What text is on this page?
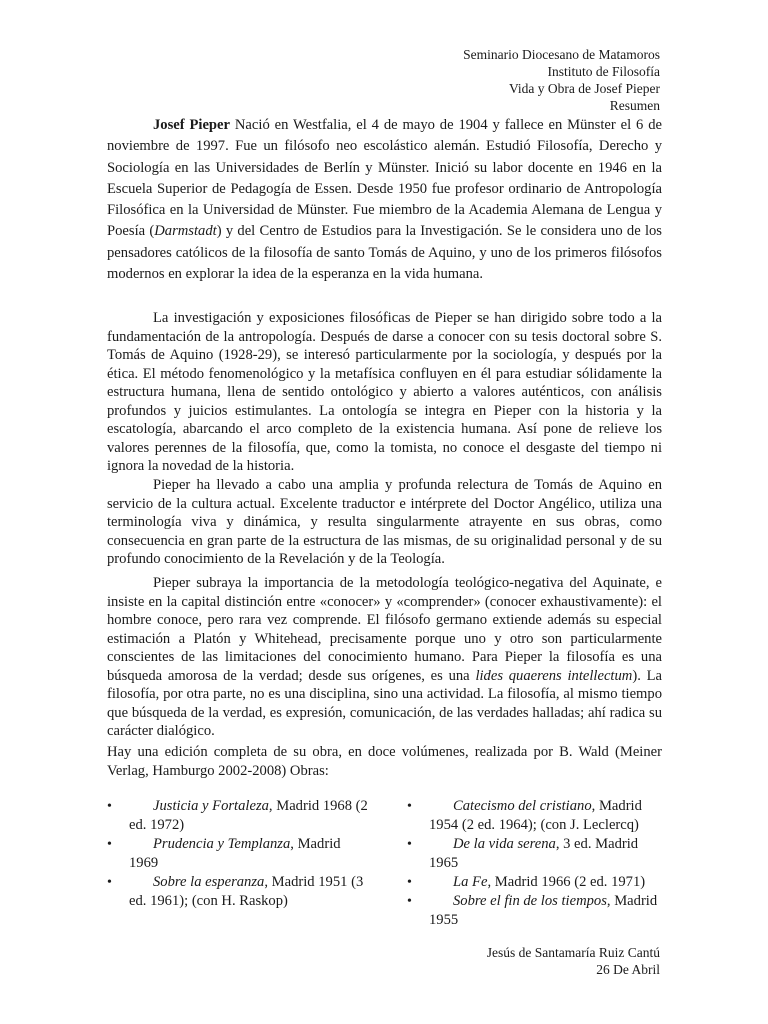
Seminario Diocesano de Matamoros
Instituto de Filosofía
Vida y Obra de Josef Pieper
Resumen
Josef Pieper Nació en Westfalia, el 4 de mayo de 1904 y fallece en Münster el 6 de noviembre de 1997. Fue un filósofo neo escolástico alemán. Estudió Filosofía, Derecho y Sociología en las Universidades de Berlín y Münster. Inició su labor docente en 1946 en la Escuela Superior de Pedagogía de Essen. Desde 1950 fue profesor ordinario de Antropología Filosófica en la Universidad de Münster. Fue miembro de la Academia Alemana de Lengua y Poesía (Darmstadt) y del Centro de Estudios para la Investigación. Se le considera uno de los pensadores católicos de la filosofía de santo Tomás de Aquino, y uno de los primeros filósofos modernos en explorar la idea de la esperanza en la vida humana.
La investigación y exposiciones filosóficas de Pieper se han dirigido sobre todo a la fundamentación de la antropología. Después de darse a conocer con su tesis doctoral sobre S. Tomás de Aquino (1928-29), se interesó particularmente por la sociología, y después por la ética. El método fenomenológico y la metafísica confluyen en él para estudiar sólidamente la estructura humana, llena de sentido ontológico y abierto a valores auténticos, con análisis profundos y juicios estimulantes. La ontología se integra en Pieper con la historia y la escatología, abarcando el arco completo de la existencia humana. Así pone de relieve los valores perennes de la filosofía, que, como la tomista, no conoce el desgaste del tiempo ni ignora la novedad de la historia.
Pieper ha llevado a cabo una amplia y profunda relectura de Tomás de Aquino en servicio de la cultura actual. Excelente traductor e intérprete del Doctor Angélico, utiliza una terminología viva y dinámica, y resulta singularmente atrayente en sus obras, como consecuencia en gran parte de la estructura de las mismas, de su originalidad personal y de su profundo conocimiento de la Revelación y de la Teología.
Pieper subraya la importancia de la metodología teológico-negativa del Aquinate, e insiste en la capital distinción entre «conocer» y «comprender» (conocer exhaustivamente): el hombre conoce, pero rara vez comprende. El filósofo germano extiende además su especial estimación a Platón y Whitehead, precisamente porque uno y otro son particularmente conscientes de las limitaciones del conocimiento humano. Para Pieper la filosofía es una búsqueda amorosa de la verdad; desde sus orígenes, es una lides quaerens intellectum). La filosofía, por otra parte, no es una disciplina, sino una actividad. La filosofía, al mismo tiempo que búsqueda de la verdad, es expresión, comunicación, de las verdades halladas; ahí radica su carácter dialógico.
Hay una edición completa de su obra, en doce volúmenes, realizada por B. Wald (Meiner Verlag, Hamburgo 2002-2008) Obras:
•	Justicia y Fortaleza, Madrid 1968 (2 ed. 1972)
•	Prudencia y Templanza, Madrid 1969
•	Sobre la esperanza, Madrid 1951 (3 ed. 1961); (con H. Raskop)
•	Catecismo del cristiano, Madrid 1954 (2 ed. 1964); (con J. Leclercq)
•	De la vida serena, 3 ed. Madrid 1965
•	La Fe, Madrid 1966 (2 ed. 1971)
•	Sobre el fin de los tiempos, Madrid 1955
Jesús de Santamaría Ruiz Cantú
26 De Abril
